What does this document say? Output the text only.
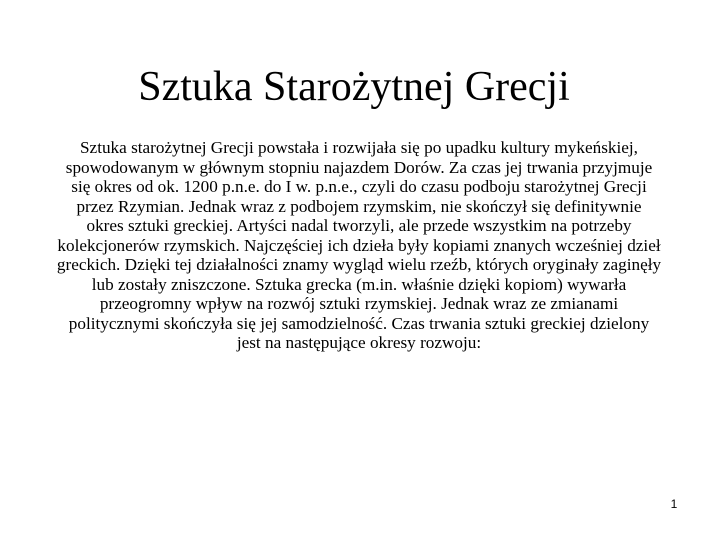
Sztuka Starożytnej Grecji

Sztuka starożytnej Grecji powstała i rozwijała się po upadku kultury mykeńskiej, spowodowanym w głównym stopniu najazdem Dorów. Za czas jej trwania przyjmuje się okres od ok. 1200 p.n.e. do I w. p.n.e., czyli do czasu podboju starożytnej Grecji przez Rzymian. Jednak wraz z podbojem rzymskim, nie skończył się definitywnie okres sztuki greckiej. Artyści nadal tworzyli, ale przede wszystkim na potrzeby kolekcjonerów rzymskich. Najczęściej ich dzieła były kopiami znanych wcześniej dzieł greckich. Dzięki tej działalności znamy wygląd wielu rzeźb, których oryginały zaginęły lub zostały zniszczone. Sztuka grecka (m.in. właśnie dzięki kopiom) wywarła przeogromny wpływ na rozwój sztuki rzymskiej. Jednak wraz ze zmianami politycznymi skończyła się jej samodzielność. Czas trwania sztuki greckiej dzielony jest na następujące okresy rozwoju:

1
